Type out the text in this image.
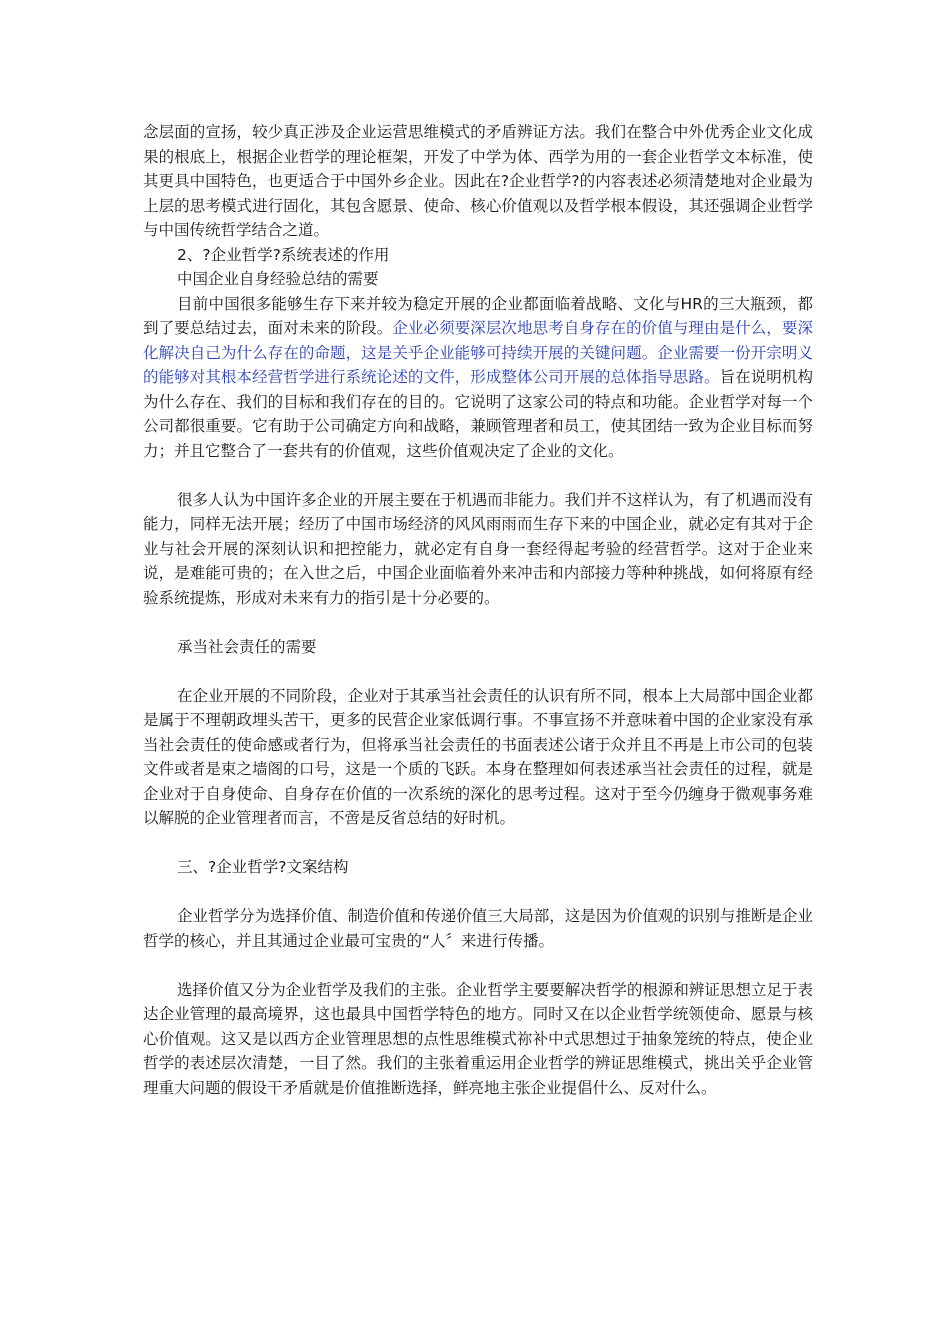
念层面的宣扬，较少真正涉及企业运营思维模式的矛盾辨证方法。我们在整合中外优秀企业文化成果的根底上，根据企业哲学的理论框架，开发了中学为体、西学为用的一套企业哲学文本标准，使其更具中国特色，也更适合于中国外乡企业。因此在?企业哲学?的内容表述必须清楚地对企业最为上层的思考模式进行固化，其包含愿景、使命、核心价值观以及哲学根本假设，其还强调企业哲学与中国传统哲学结合之道。

2、?企业哲学?系统表述的作用

中国企业自身经验总结的需要

目前中国很多能够生存下来并较为稳定开展的企业都面临着战略、文化与HR的三大瓶颈，都到了要总结过去，面对未来的阶段。企业必须要深层次地思考自身存在的价值与理由是什么，要深化解决自己为什么存在的命题，这是关乎企业能够可持续开展的关键问题。企业需要一份开宗明义的能够对其根本经营哲学进行系统论述的文件，形成整体公司开展的总体指导思路。旨在说明机构为什么存在、我们的目标和我们存在的目的。它说明了这家公司的特点和功能。企业哲学对每一个公司都很重要。它有助于公司确定方向和战略，兼顾管理者和员工，使其团结一致为企业目标而努力；并且它整合了一套共有的价值观，这些价值观决定了企业的文化。

很多人认为中国许多企业的开展主要在于机遇而非能力。我们并不这样认为，有了机遇而没有能力，同样无法开展；经历了中国市场经济的风风雨雨而生存下来的中国企业，就必定有其对于企业与社会开展的深刻认识和把控能力，就必定有自身一套经得起考验的经营哲学。这对于企业来说，是难能可贵的；在入世之后，中国企业面临着外来冲击和内部接力等种种挑战，如何将原有经验系统提炼，形成对未来有力的指引是十分必要的。

承当社会责任的需要

在企业开展的不同阶段，企业对于其承当社会责任的认识有所不同，根本上大局部中国企业都是属于不理朝政埋头苦干，更多的民营企业家低调行事。不事宣扬不并意味着中国的企业家没有承当社会责任的使命感或者行为，但将承当社会责任的书面表述公诸于众并且不再是上市公司的包装文件或者是束之墙阁的口号，这是一个质的飞跃。本身在整理如何表述承当社会责任的过程，就是企业对于自身使命、自身存在价值的一次系统的深化的思考过程。这对于至今仍缠身于微观事务难以解脱的企业管理者而言，不啻是反省总结的好时机。

三、?企业哲学?文案结构

企业哲学分为选择价值、制造价值和传递价值三大局部，这是因为价值观的识别与推断是企业哲学的核心，并且其通过企业最可宝贵的“人〞来进行传播。

选择价值又分为企业哲学及我们的主张。企业哲学主要要解决哲学的根源和辨证思想立足于表达企业管理的最高境界，这也最具中国哲学特色的地方。同时又在以企业哲学统领使命、愿景与核心价值观。这又是以西方企业管理思想的点性思维模式祢补中式思想过于抽象笼统的特点，使企业哲学的表述层次清楚，一目了然。我们的主张着重运用企业哲学的辨证思维模式，挑出关乎企业管理重大问题的假设干矛盾就是价值推断选择，鲜亮地主张企业提倡什么、反对什么。
